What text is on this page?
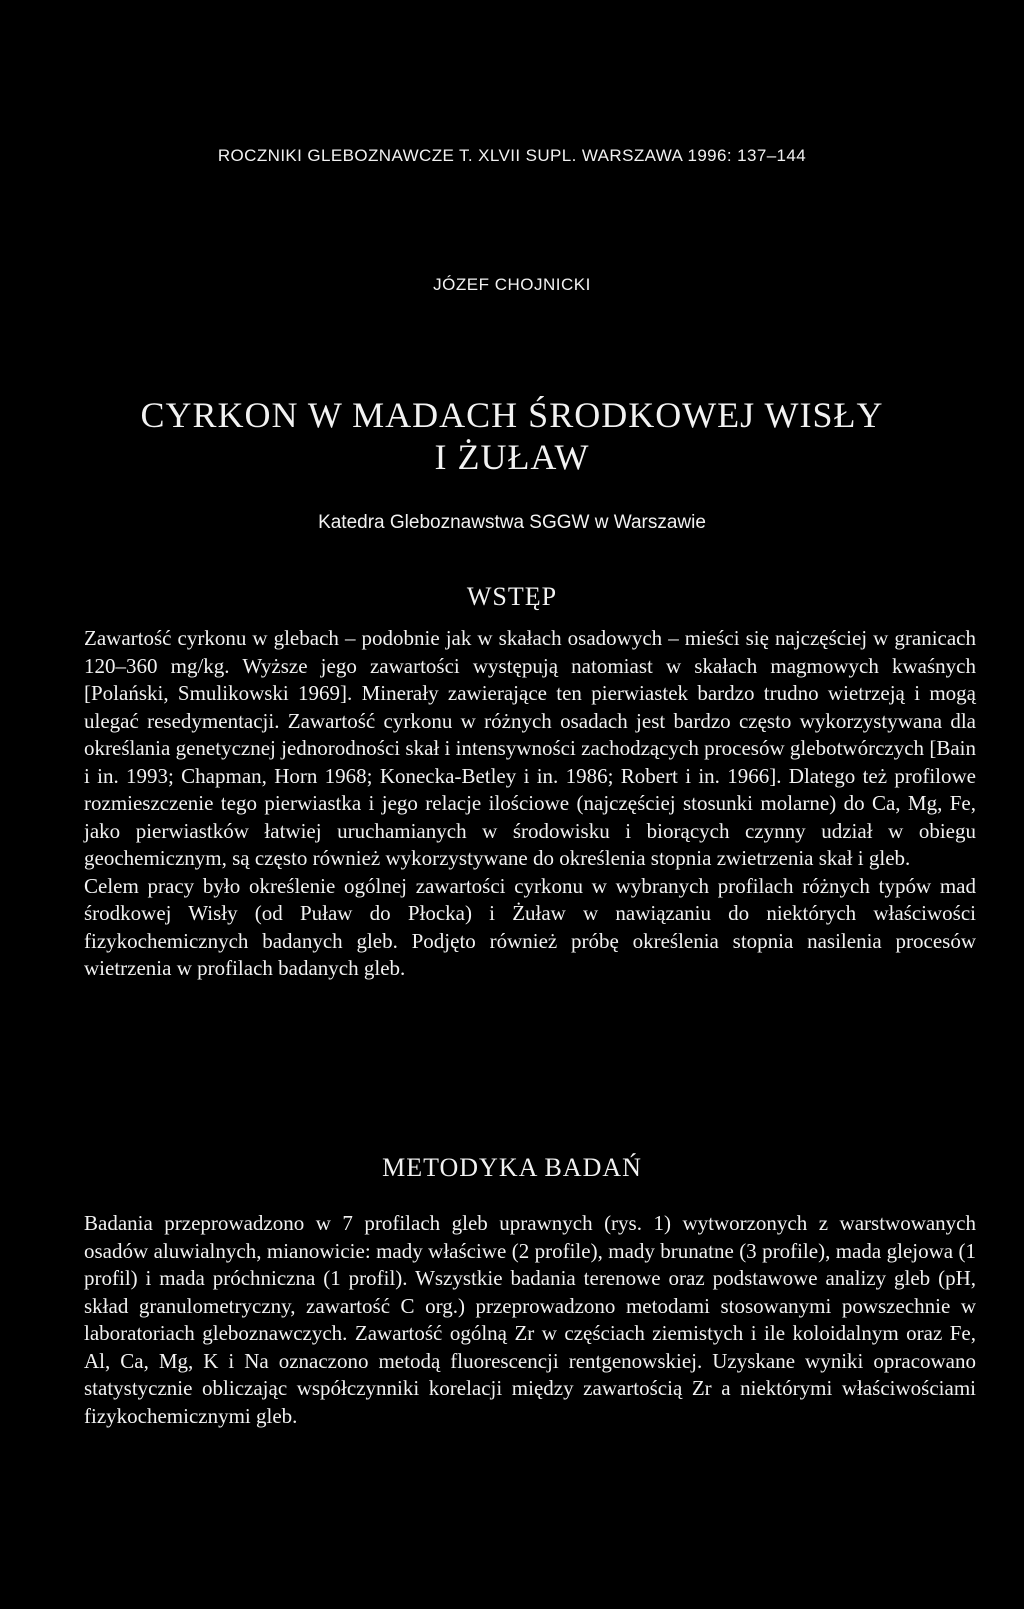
ROCZNIKI GLEBOZNAWCZE T. XLVII SUPL. WARSZAWA 1996: 137–144
JÓZEF CHOJNICKI
CYRKON W MADACH ŚRODKOWEJ WISŁY
I ŻUŁAW
Katedra Gleboznawstwa SGGW w Warszawie
WSTĘP

Zawartość cyrkonu w glebach – podobnie jak w skałach osadowych – mieści się najczęściej w granicach 120–360 mg/kg. Wyższe jego zawartości występują natomiast w skałach magmowych kwaśnych [Polański, Smulikowski 1969]. Minerały zawierające ten pierwiastek bardzo trudno wietrzeją i mogą ulegać resedymentacji. Zawartość cyrkonu w różnych osadach jest bardzo często wykorzystywana dla określania genetycznej jednorodności skał i intensywności zachodzących procesów glebotwórczych [Bain i in. 1993; Chapman, Horn 1968; Konecka-Betley i in. 1986; Robert i in. 1966]. Dlatego też profilowe rozmieszczenie tego pierwiastka i jego relacje ilościowe (najczęściej stosunki molarne) do Ca, Mg, Fe, jako pierwiastków łatwiej uruchamianych w środowisku i biorących czynny udział w obiegu geochemicznym, są często również wykorzystywane do określenia stopnia zwietrzenia skał i gleb.

Celem pracy było określenie ogólnej zawartości cyrkonu w wybranych profilach różnych typów mad środkowej Wisły (od Puław do Płocka) i Żuław w nawiązaniu do niektórych właściwości fizykochemicznych badanych gleb. Podjęto również próbę określenia stopnia nasilenia procesów wietrzenia w profilach badanych gleb.

METODYKA BADAŃ

Badania przeprowadzono w 7 profilach gleb uprawnych (rys. 1) wytworzonych z warstwowanych osadów aluwialnych, mianowicie: mady właściwe (2 profile), mady brunatne (3 profile), mada glejowa (1 profil) i mada próchniczna (1 profil). Wszystkie badania terenowe oraz podstawowe analizy gleb (pH, skład granulometryczny, zawartość C org.) przeprowadzono metodami stosowanymi powszechnie w laboratoriach gleboznawczych. Zawartość ogólną Zr w częściach ziemistych i ile koloidalnym oraz Fe, Al, Ca, Mg, K i Na oznaczono metodą fluorescencji rentgenowskiej. Uzyskane wyniki opracowano statystycznie obliczając współczynniki korelacji między zawartością Zr a niektórymi właściwościami fizykochemicznymi gleb.
